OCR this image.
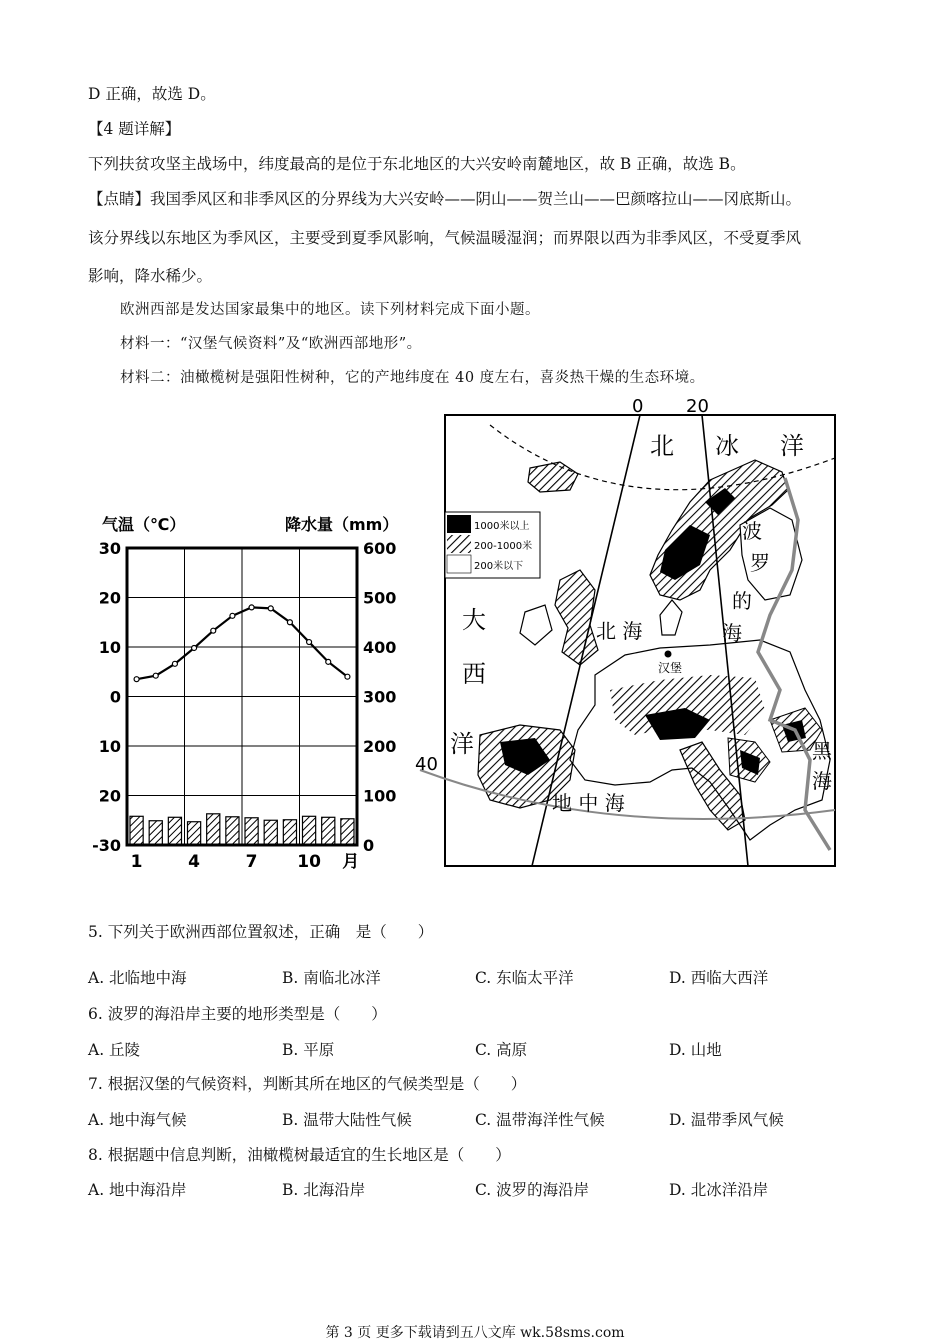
D 正确，故选 D。
【4 题详解】
下列扶贫攻坚主战场中，纬度最高的是位于东北地区的大兴安岭南麓地区，故 B 正确，故选 B。
【点睛】我国季风区和非季风区的分界线为大兴安岭——阴山——贺兰山——巴颜喀拉山——冈底斯山。
该分界线以东地区为季风区，主要受到夏季风影响，气候温暖湿润；而界限以西为非季风区，不受夏季风
影响，降水稀少。
欧洲西部是发达国家最集中的地区。读下列材料完成下面小题。
材料一：“汉堡气候资料”及“欧洲西部地形”。
材料二：油橄榄树是强阳性树种，它的产地纬度在 40 度左右，喜炎热干燥的生态环境。
气温（℃）	降水量（mm）
30
20
10
0
10
20
-30
600
500
400
300
200
100
0
1	4	7 10 月
1000米以上
200-1000米
200米以下
0 20
40
北 冰 洋
大
西
洋
北 海
波
罗
的
海
汉堡
黑
海
地 中 海
5. 下列关于欧洲西部位置叙述，正确　是（　　）
A. 北临地中海	B. 南临北冰洋	C. 东临太平洋	D. 西临大西洋
6. 波罗的海沿岸主要的地形类型是（　　）
A. 丘陵	B. 平原	C. 高原	D. 山地
7. 根据汉堡的气候资料，判断其所在地区的气候类型是（　　）
A. 地中海气候	B. 温带大陆性气候	C. 温带海洋性气候	D. 温带季风气候
8. 根据题中信息判断，油橄榄树最适宜的生长地区是（　　）
A. 地中海沿岸	B. 北海沿岸	C. 波罗的海沿岸	D. 北冰洋沿岸
第 3 页 更多下载请到五八文库 wk.58sms.com
